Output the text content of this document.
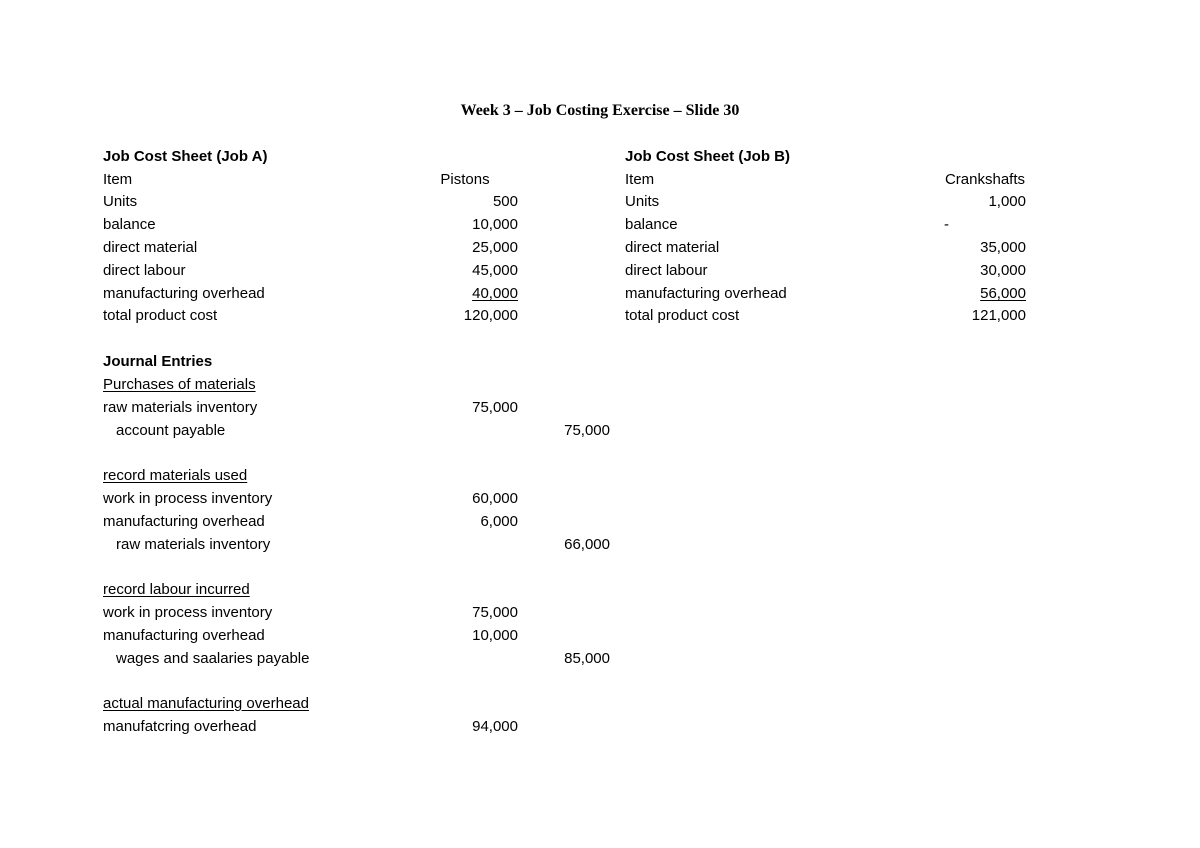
Week 3 – Job Costing Exercise – Slide 30
Job Cost Sheet (Job A)
Item	Pistons
Units	500
balance	10,000
direct material	25,000
direct labour	45,000
manufacturing overhead	40,000
total product cost	120,000
Job Cost Sheet (Job B)
Item	Crankshafts
Units	1,000
balance	-
direct material	35,000
direct labour	30,000
manufacturing overhead	56,000
total product cost	121,000
Journal Entries
Purchases of materials
raw materials inventory	75,000
account payable	75,000
record materials used
work in process inventory	60,000
manufacturing overhead	6,000
raw materials inventory	66,000
record labour incurred
work in process inventory	75,000
manufacturing overhead	10,000
wages and saalaries payable	85,000
actual manufacturing overhead
manufatcring overhead	94,000
